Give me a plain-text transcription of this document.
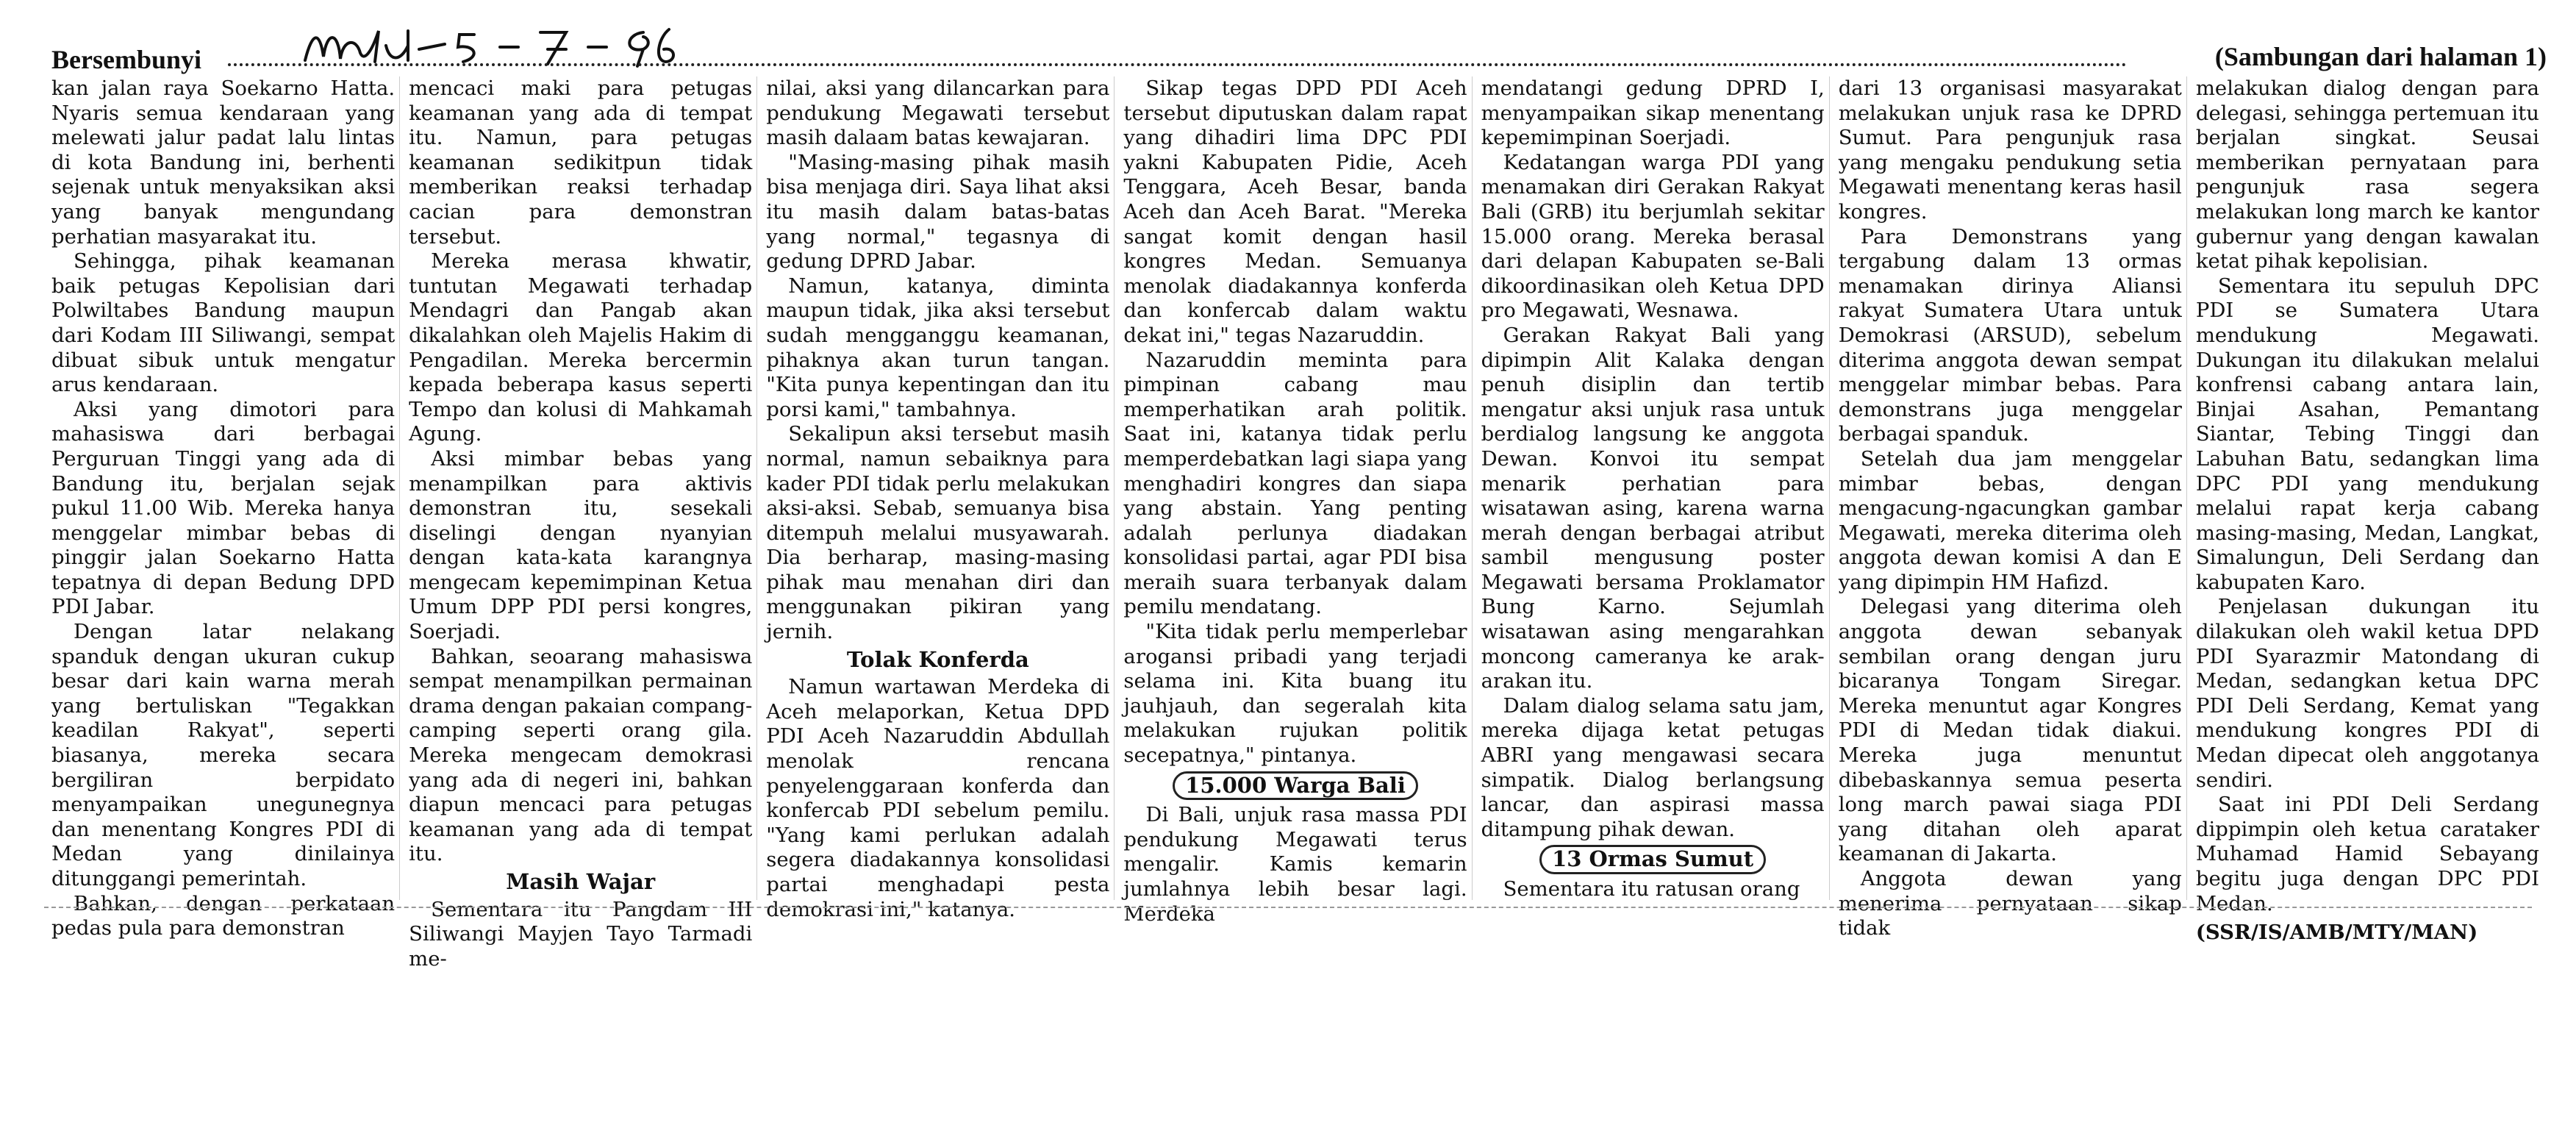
Bersembunyi	(Sambungan dari halaman 1)

kan jalan raya Soekarno Hatta. Nyaris semua kendaraan yang melewati jalur padat lalu lintas di kota Bandung ini, berhenti sejenak untuk menyaksikan aksi yang banyak mengundang perhatian masyarakat itu.

Sehingga, pihak keamanan baik petugas Kepolisian dari Polwiltabes Bandung maupun dari Kodam III Siliwangi, sempat dibuat sibuk untuk mengatur arus kendaraan.

Aksi yang dimotori para mahasiswa dari berbagai Perguruan Tinggi yang ada di Bandung itu, berjalan sejak pukul 11.00 Wib. Mereka hanya menggelar mimbar bebas di pinggir jalan Soekarno Hatta tepatnya di depan Bedung DPD PDI Jabar.

Dengan latar nelakang spanduk dengan ukuran cukup besar dari kain warna merah yang bertuliskan "Tegakkan keadilan Rakyat", seperti biasanya, mereka secara bergiliran berpidato menyampaikan unegunegnya dan menentang Kongres PDI di Medan yang dinilainya ditunggangi pemerintah.

Bahkan, dengan perkataan pedas pula para demonstran

mencaci maki para petugas keamanan yang ada di tempat itu. Namun, para petugas keamanan sedikitpun tidak memberikan reaksi terhadap cacian para demonstran tersebut.

Mereka merasa khwatir, tuntutan Megawati terhadap Mendagri dan Pangab akan dikalahkan oleh Majelis Hakim di Pengadilan. Mereka bercermin kepada beberapa kasus seperti Tempo dan kolusi di Mahkamah Agung.

Aksi mimbar bebas yang menampilkan para aktivis demonstran itu, sesekali diselingi dengan nyanyian dengan kata-kata karangnya mengecam kepemimpinan Ketua Umum DPP PDI persi kongres, Soerjadi.

Bahkan, seoarang mahasiswa sempat menampilkan permainan drama dengan pakaian compang-camping seperti orang gila. Mereka mengecam demokrasi yang ada di negeri ini, bahkan diapun mencaci para petugas keamanan yang ada di tempat itu.

Masih Wajar

Sementara itu Pangdam III Siliwangi Mayjen Tayo Tarmadi me-

nilai, aksi yang dilancarkan para pendukung Megawati tersebut masih dalaam batas kewajaran.

"Masing-masing pihak masih bisa menjaga diri. Saya lihat aksi itu masih dalam batas-batas yang normal," tegasnya di gedung DPRD Jabar.

Namun, katanya, diminta maupun tidak, jika aksi tersebut sudah mengganggu keamanan, pihaknya akan turun tangan. "Kita punya kepentingan dan itu porsi kami," tambahnya.

Sekalipun aksi tersebut masih normal, namun sebaiknya para kader PDI tidak perlu melakukan aksi-aksi. Sebab, semuanya bisa ditempuh melalui musyawarah. Dia berharap, masing-masing pihak mau menahan diri dan menggunakan pikiran yang jernih.

Tolak Konferda

Namun wartawan Merdeka di Aceh melaporkan, Ketua DPD PDI Aceh Nazaruddin Abdullah menolak rencana penyelenggaraan konferda dan konfercab PDI sebelum pemilu. "Yang kami perlukan adalah segera diadakannya konsolidasi partai menghadapi pesta demokrasi ini," katanya.

Sikap tegas DPD PDI Aceh tersebut diputuskan dalam rapat yang dihadiri lima DPC PDI yakni Kabupaten Pidie, Aceh Tenggara, Aceh Besar, banda Aceh dan Aceh Barat. "Mereka sangat komit dengan hasil kongres Medan. Semuanya menolak diadakannya konferda dan konfercab dalam waktu dekat ini," tegas Nazaruddin.

Nazaruddin meminta para pimpinan cabang mau memperhatikan arah politik. Saat ini, katanya tidak perlu memperdebatkan lagi siapa yang menghadiri kongres dan siapa yang abstain. Yang penting adalah perlunya diadakan konsolidasi partai, agar PDI bisa meraih suara terbanyak dalam pemilu mendatang.

"Kita tidak perlu memperlebar arogansi pribadi yang terjadi selama ini. Kita buang itu jauhjauh, dan segeralah kita melakukan rujukan politik secepatnya," pintanya.

15.000 Warga Bali

Di Bali, unjuk rasa massa PDI pendukung Megawati terus mengalir. Kamis kemarin jumlahnya lebih besar lagi. Merdeka

mendatangi gedung DPRD I, menyampaikan sikap menentang kepemimpinan Soerjadi.

Kedatangan warga PDI yang menamakan diri Gerakan Rakyat Bali (GRB) itu berjumlah sekitar 15.000 orang. Mereka berasal dari delapan Kabupaten se-Bali dikoordinasikan oleh Ketua DPD pro Megawati, Wesnawa.

Gerakan Rakyat Bali yang dipimpin Alit Kalaka dengan penuh disiplin dan tertib mengatur aksi unjuk rasa untuk berdialog langsung ke anggota Dewan. Konvoi itu sempat menarik perhatian para wisatawan asing, karena warna merah dengan berbagai atribut sambil mengusung poster Megawati bersama Proklamator Bung Karno. Sejumlah wisatawan asing mengarahkan moncong cameranya ke arak-arakan itu.

Dalam dialog selama satu jam, mereka dijaga ketat petugas ABRI yang mengawasi secara simpatik. Dialog berlangsung lancar, dan aspirasi massa ditampung pihak dewan.

13 Ormas Sumut

Sementara itu ratusan orang

dari 13 organisasi masyarakat melakukan unjuk rasa ke DPRD Sumut. Para pengunjuk rasa yang mengaku pendukung setia Megawati menentang keras hasil kongres.

Para Demonstrans yang tergabung dalam 13 ormas menamakan dirinya Aliansi rakyat Sumatera Utara untuk Demokrasi (ARSUD), sebelum diterima anggota dewan sempat menggelar mimbar bebas. Para demonstrans juga menggelar berbagai spanduk.

Setelah dua jam menggelar mimbar bebas, dengan mengacung-ngacungkan gambar Megawati, mereka diterima oleh anggota dewan komisi A dan E yang dipimpin HM Hafizd.

Delegasi yang diterima oleh anggota dewan sebanyak sembilan orang dengan juru bicaranya Tongam Siregar. Mereka menuntut agar Kongres PDI di Medan tidak diakui. Mereka juga menuntut dibebaskannya semua peserta long march pawai siaga PDI yang ditahan oleh aparat keamanan di Jakarta.

Anggota dewan yang menerima pernyataan sikap tidak

melakukan dialog dengan para delegasi, sehingga pertemuan itu berjalan singkat. Seusai memberikan pernyataan para pengunjuk rasa segera melakukan long march ke kantor gubernur yang dengan kawalan ketat pihak kepolisian.

Sementara itu sepuluh DPC PDI se Sumatera Utara mendukung Megawati. Dukungan itu dilakukan melalui konfrensi cabang antara lain, Binjai Asahan, Pemantang Siantar, Tebing Tinggi dan Labuhan Batu, sedangkan lima DPC PDI yang mendukung melalui rapat kerja cabang masing-masing, Medan, Langkat, Simalungun, Deli Serdang dan kabupaten Karo.

Penjelasan dukungan itu dilakukan oleh wakil ketua DPD PDI Syarazmir Matondang di Medan, sedangkan ketua DPC PDI Deli Serdang, Kemat yang mendukung kongres PDI di Medan dipecat oleh anggotanya sendiri.

Saat ini PDI Deli Serdang dippimpin oleh ketua carataker Muhamad Hamid Sebayang begitu juga dengan DPC PDI Medan.

(SSR/IS/AMB/MTY/MAN)
